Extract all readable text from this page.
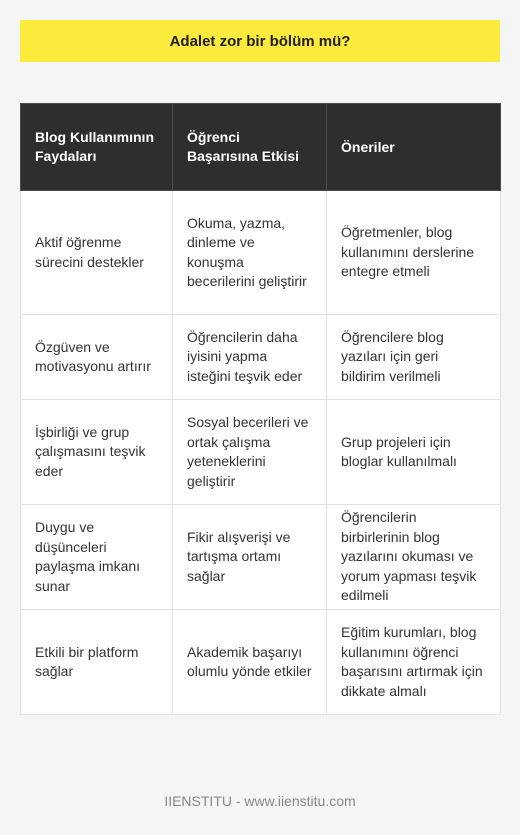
Adalet zor bir bölüm mü?
Blog Kullanımının Faydaları	Öğrenci Başarısına Etkisi	Öneriler
Aktif öğrenme sürecini destekler	Okuma, yazma, dinleme ve konuşma becerilerini geliştirir	Öğretmenler, blog kullanımını derslerine entegre etmeli
Özgüven ve motivasyonu artırır	Öğrencilerin daha iyisini yapma isteğini teşvik eder	Öğrencilere blog yazıları için geri bildirim verilmeli
İşbirliği ve grup çalışmasını teşvik eder	Sosyal becerileri ve ortak çalışma yeteneklerini geliştirir	Grup projeleri için bloglar kullanılmalı
Duygu ve düşünceleri paylaşma imkanı sunar	Fikir alışverişi ve tartışma ortamı sağlar	Öğrencilerin birbirlerinin blog yazılarını okuması ve yorum yapması teşvik edilmeli
Etkili bir platform sağlar	Akademik başarıyı olumlu yönde etkiler	Eğitim kurumları, blog kullanımını öğrenci başarısını artırmak için dikkate almalı
IIENSTITU - www.iienstitu.com
